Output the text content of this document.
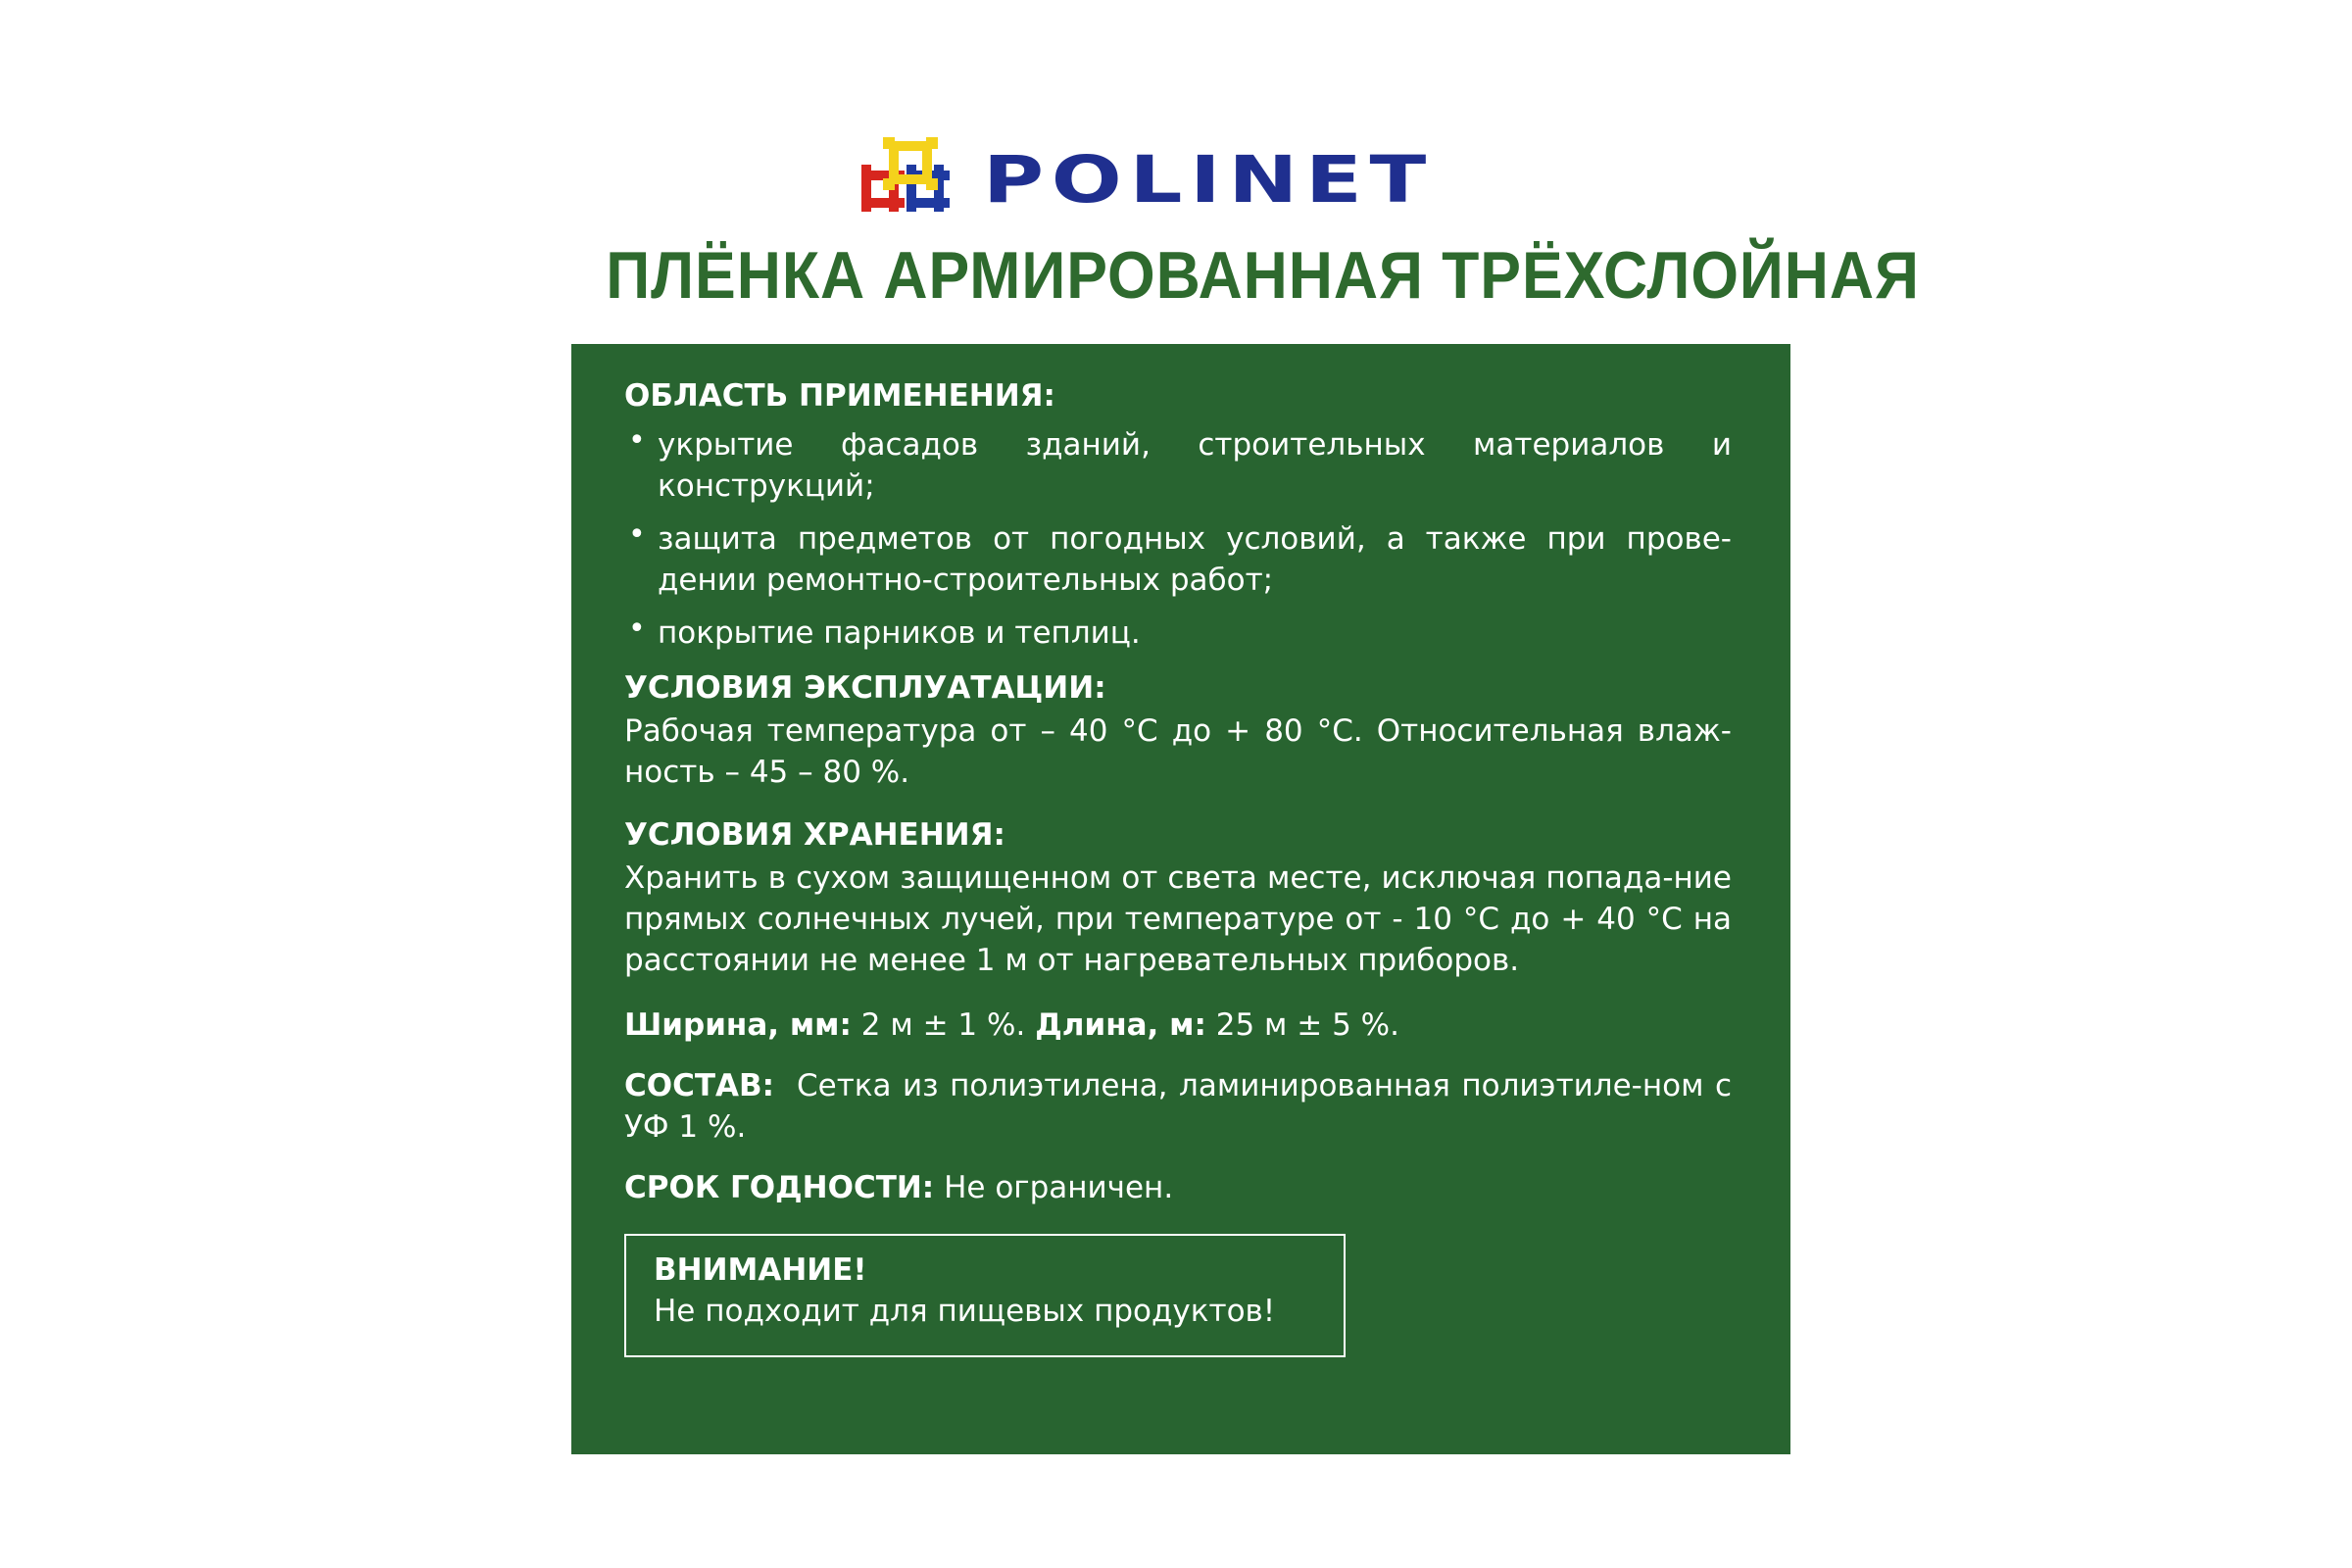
POLINET
ПЛЁНКА АРМИРОВАННАЯ ТРЁХСЛОЙНАЯ

ОБЛАСТЬ ПРИМЕНЕНИЯ:

• укрытие фасадов зданий, строительных материалов и конструкций;
• защита предметов от погодных условий, а также при прове-дении ремонтно-строительных работ;
• покрытие парников и теплиц.

УСЛОВИЯ ЭКСПЛУАТАЦИИ:

Рабочая температура от – 40 °С до + 80 °С. Относительная влаж-ность – 45 – 80 %.

УСЛОВИЯ ХРАНЕНИЯ:

Хранить в сухом защищенном от света месте, исключая попада-ние прямых солнечных лучей, при температуре от - 10 °С до + 40 °С на расстоянии не менее 1 м от нагревательных приборов.

Ширина, мм: 2 м ± 1 %. Длина, м: 25 м ± 5 %.

СОСТАВ: Сетка из полиэтилена, ламинированная полиэтиле-ном с УФ 1 %.

СРОК ГОДНОСТИ: Не ограничен.

ВНИМАНИЕ!
Не подходит для пищевых продуктов!
